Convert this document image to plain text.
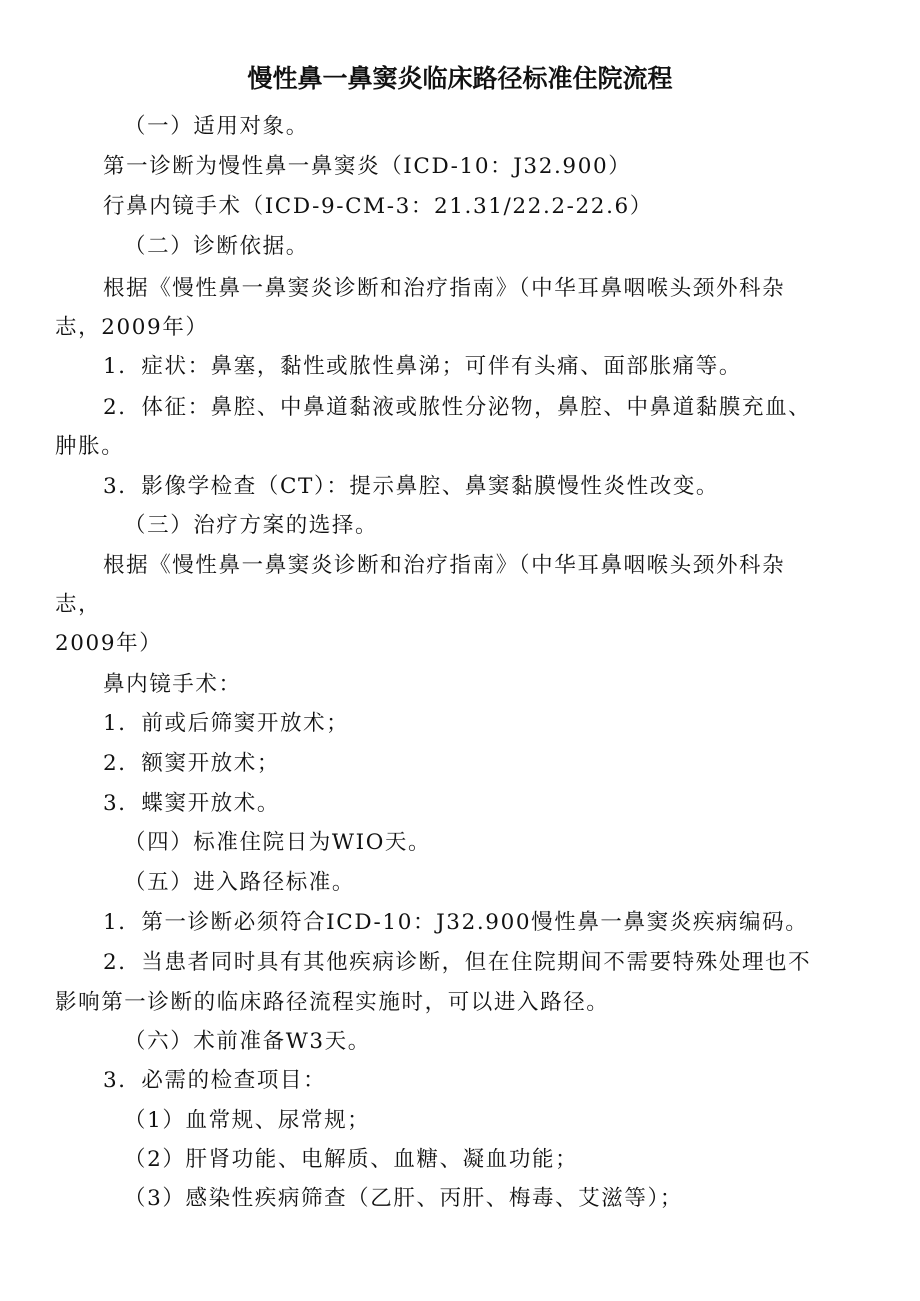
慢性鼻一鼻窦炎临床路径标准住院流程
（一）适用对象。
第一诊断为慢性鼻一鼻窦炎（ICD-10：J32.900）
行鼻内镜手术（ICD-9-CM-3：21.31/22.2-22.6）
（二）诊断依据。
根据《慢性鼻一鼻窦炎诊断和治疗指南》（中华耳鼻咽喉头颈外科杂
志，2009年）
1．症状：鼻塞，黏性或脓性鼻涕；可伴有头痛、面部胀痛等。
2．体征：鼻腔、中鼻道黏液或脓性分泌物，鼻腔、中鼻道黏膜充血、
肿胀。
3．影像学检查（CT）：提示鼻腔、鼻窦黏膜慢性炎性改变。
（三）治疗方案的选择。
根据《慢性鼻一鼻窦炎诊断和治疗指南》（中华耳鼻咽喉头颈外科杂
志，
2009年）
鼻内镜手术：
1．前或后筛窦开放术；
2．额窦开放术；
3．蝶窦开放术。
（四）标准住院日为WIO天。
（五）进入路径标准。
1．第一诊断必须符合ICD-10：J32.900慢性鼻一鼻窦炎疾病编码。
2．当患者同时具有其他疾病诊断，但在住院期间不需要特殊处理也不
影响第一诊断的临床路径流程实施时，可以进入路径。
（六）术前准备W3天。
3．必需的检查项目：
（1）血常规、尿常规；
（2）肝肾功能、电解质、血糖、凝血功能；
（3）感染性疾病筛查（乙肝、丙肝、梅毒、艾滋等）；
